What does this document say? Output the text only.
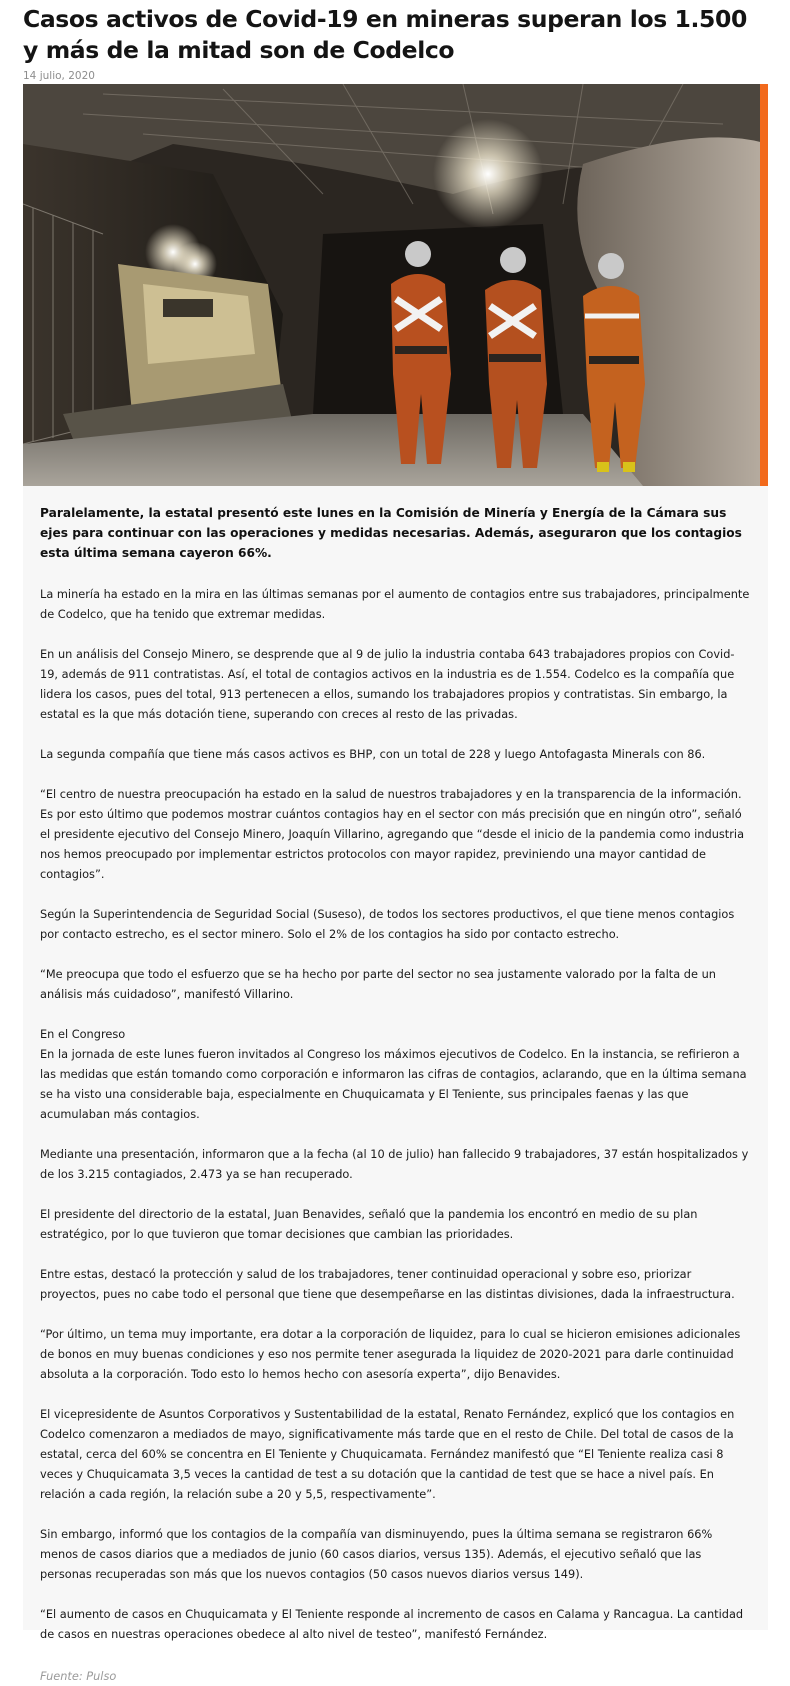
Casos activos de Covid-19 en mineras superan los 1.500 y más de la mitad son de Codelco
14 julio, 2020

Paralelamente, la estatal presentó este lunes en la Comisión de Minería y Energía de la Cámara sus ejes para continuar con las operaciones y medidas necesarias. Además, aseguraron que los contagios esta última semana cayeron 66%.

La minería ha estado en la mira en las últimas semanas por el aumento de contagios entre sus trabajadores, principalmente de Codelco, que ha tenido que extremar medidas.

En un análisis del Consejo Minero, se desprende que al 9 de julio la industria contaba 643 trabajadores propios con Covid-19, además de 911 contratistas. Así, el total de contagios activos en la industria es de 1.554. Codelco es la compañía que lidera los casos, pues del total, 913 pertenecen a ellos, sumando los trabajadores propios y contratistas. Sin embargo, la estatal es la que más dotación tiene, superando con creces al resto de las privadas.

La segunda compañía que tiene más casos activos es BHP, con un total de 228 y luego Antofagasta Minerals con 86.

“El centro de nuestra preocupación ha estado en la salud de nuestros trabajadores y en la transparencia de la información. Es por esto último que podemos mostrar cuántos contagios hay en el sector con más precisión que en ningún otro”, señaló el presidente ejecutivo del Consejo Minero, Joaquín Villarino, agregando que “desde el inicio de la pandemia como industria nos hemos preocupado por implementar estrictos protocolos con mayor rapidez, previniendo una mayor cantidad de contagios”.

Según la Superintendencia de Seguridad Social (Suseso), de todos los sectores productivos, el que tiene menos contagios por contacto estrecho, es el sector minero. Solo el 2% de los contagios ha sido por contacto estrecho.

“Me preocupa que todo el esfuerzo que se ha hecho por parte del sector no sea justamente valorado por la falta de un análisis más cuidadoso”, manifestó Villarino.

En el Congreso
En la jornada de este lunes fueron invitados al Congreso los máximos ejecutivos de Codelco. En la instancia, se refirieron a las medidas que están tomando como corporación e informaron las cifras de contagios, aclarando, que en la última semana se ha visto una considerable baja, especialmente en Chuquicamata y El Teniente, sus principales faenas y las que acumulaban más contagios.

Mediante una presentación, informaron que a la fecha (al 10 de julio) han fallecido 9 trabajadores, 37 están hospitalizados y de los 3.215 contagiados, 2.473 ya se han recuperado.

El presidente del directorio de la estatal, Juan Benavides, señaló que la pandemia los encontró en medio de su plan estratégico, por lo que tuvieron que tomar decisiones que cambian las prioridades.

Entre estas, destacó la protección y salud de los trabajadores, tener continuidad operacional y sobre eso, priorizar proyectos, pues no cabe todo el personal que tiene que desempeñarse en las distintas divisiones, dada la infraestructura.

“Por último, un tema muy importante, era dotar a la corporación de liquidez, para lo cual se hicieron emisiones adicionales de bonos en muy buenas condiciones y eso nos permite tener asegurada la liquidez de 2020-2021 para darle continuidad absoluta a la corporación. Todo esto lo hemos hecho con asesoría experta”, dijo Benavides.

El vicepresidente de Asuntos Corporativos y Sustentabilidad de la estatal, Renato Fernández, explicó que los contagios en Codelco comenzaron a mediados de mayo, significativamente más tarde que en el resto de Chile. Del total de casos de la estatal, cerca del 60% se concentra en El Teniente y Chuquicamata. Fernández manifestó que “El Teniente realiza casi 8 veces y Chuquicamata 3,5 veces la cantidad de test a su dotación que la cantidad de test que se hace a nivel país. En relación a cada región, la relación sube a 20 y 5,5, respectivamente”.

Sin embargo, informó que los contagios de la compañía van disminuyendo, pues la última semana se registraron 66% menos de casos diarios que a mediados de junio (60 casos diarios, versus 135). Además, el ejecutivo señaló que las personas recuperadas son más que los nuevos contagios (50 casos nuevos diarios versus 149).

“El aumento de casos en Chuquicamata y El Teniente responde al incremento de casos en Calama y Rancagua. La cantidad de casos en nuestras operaciones obedece al alto nivel de testeo”, manifestó Fernández.

Fuente: Pulso
